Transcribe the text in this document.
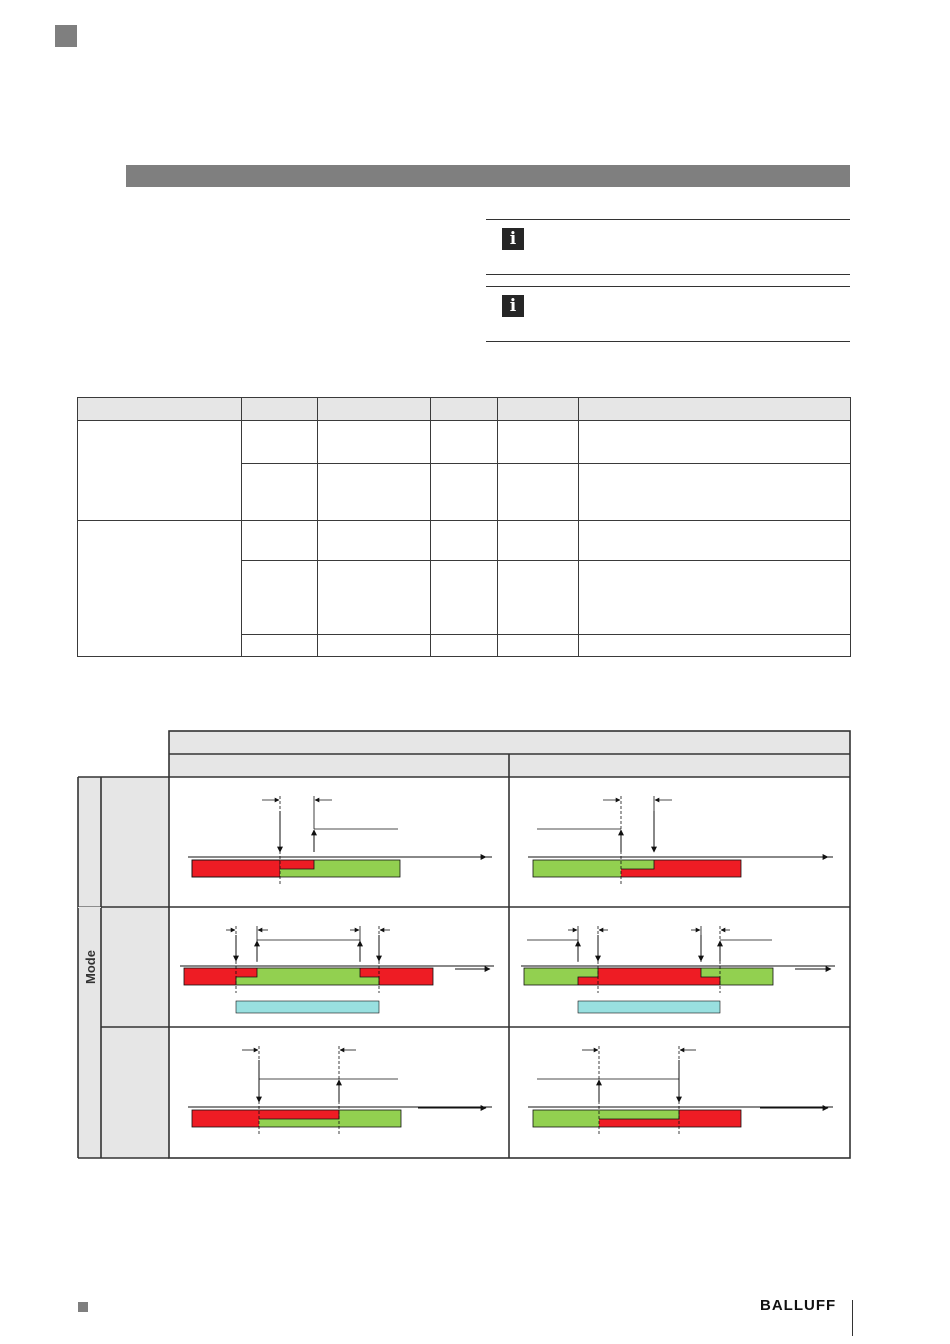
i
i

Mode
BALLUFF
